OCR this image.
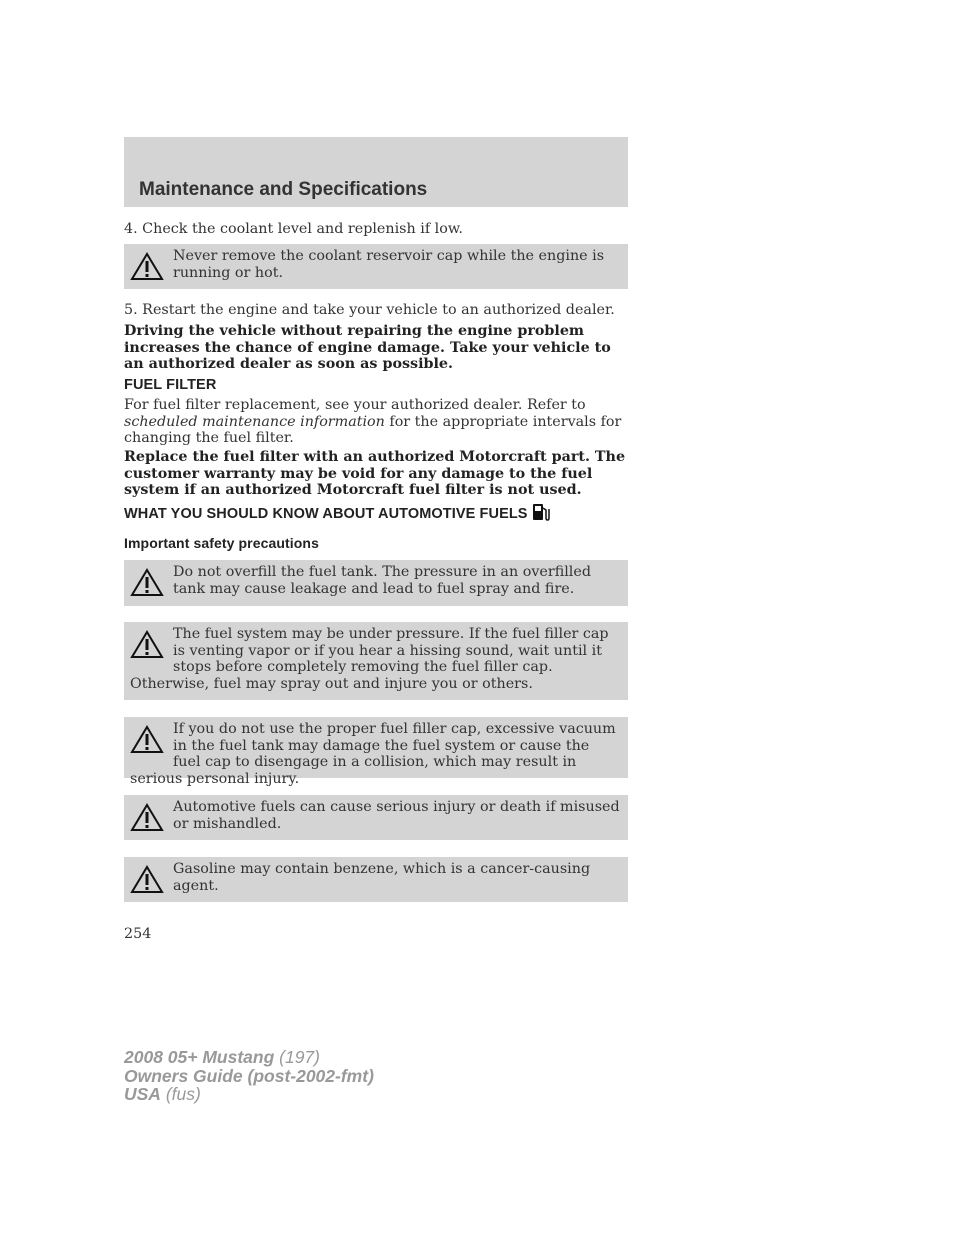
Maintenance and Specifications
4. Check the coolant level and replenish if low.
Never remove the coolant reservoir cap while the engine is running or hot.
5. Restart the engine and take your vehicle to an authorized dealer.
Driving the vehicle without repairing the engine problem increases the chance of engine damage. Take your vehicle to an authorized dealer as soon as possible.
FUEL FILTER
For fuel filter replacement, see your authorized dealer. Refer to scheduled maintenance information for the appropriate intervals for changing the fuel filter.
Replace the fuel filter with an authorized Motorcraft part. The customer warranty may be void for any damage to the fuel system if an authorized Motorcraft fuel filter is not used.
WHAT YOU SHOULD KNOW ABOUT AUTOMOTIVE FUELS
Important safety precautions
Do not overfill the fuel tank. The pressure in an overfilled tank may cause leakage and lead to fuel spray and fire.
The fuel system may be under pressure. If the fuel filler cap is venting vapor or if you hear a hissing sound, wait until it stops before completely removing the fuel filler cap. Otherwise, fuel may spray out and injure you or others.
If you do not use the proper fuel filler cap, excessive vacuum in the fuel tank may damage the fuel system or cause the fuel cap to disengage in a collision, which may result in serious personal injury.
Automotive fuels can cause serious injury or death if misused or mishandled.
Gasoline may contain benzene, which is a cancer-causing agent.
254
2008 05+ Mustang (197)
Owners Guide (post-2002-fmt)
USA (fus)
